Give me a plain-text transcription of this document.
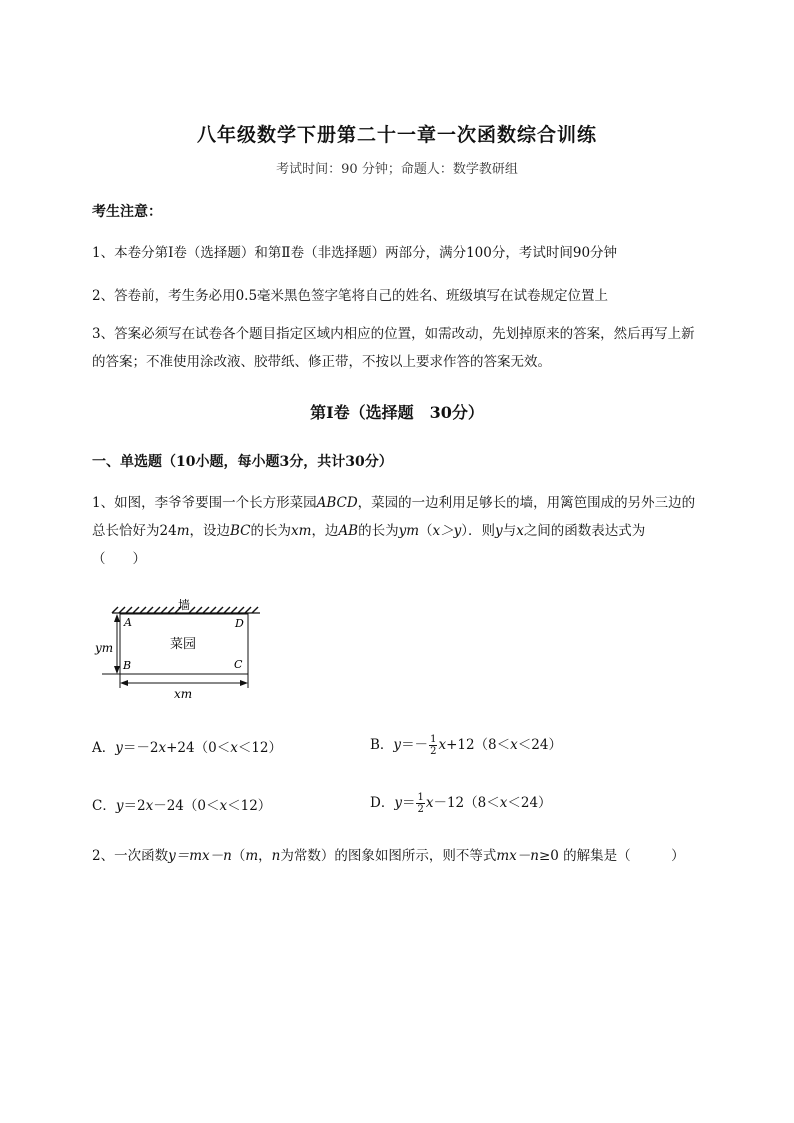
八年级数学下册第二十一章一次函数综合训练
考试时间：90 分钟；命题人：数学教研组
考生注意：
1、本卷分第I卷（选择题）和第Ⅱ卷（非选择题）两部分，满分100分，考试时间90分钟
2、答卷前，考生务必用0.5毫米黑色签字笔将自己的姓名、班级填写在试卷规定位置上
3、答案必须写在试卷各个题目指定区域内相应的位置，如需改动，先划掉原来的答案，然后再写上新的答案；不准使用涂改液、胶带纸、修正带，不按以上要求作答的答案无效。
第I卷（选择题　30分）
一、单选题（10小题，每小题3分，共计30分）
1、如图，李爷爷要围一个长方形菜园ABCD，菜园的一边利用足够长的墙，用篱笆围成的另外三边的总长恰好为24m，设边BC的长为xm，边AB的长为ym（x＞y）．则y与x之间的函数表达式为
（　　）
墙
A	D
B	C
菜园
ym
xm
A．y＝－2x+24（0＜x＜12）	B．$y=- \frac{1}{2} x+12(8<x<24)$
C．y＝2x－24（0＜x＜12）	D．$y= \frac{1}{2} x-12(8<x<24)$
2、一次函数y＝mx－n（m，n为常数）的图象如图所示，则不等式mx－n≥0 的解集是（　　　）
